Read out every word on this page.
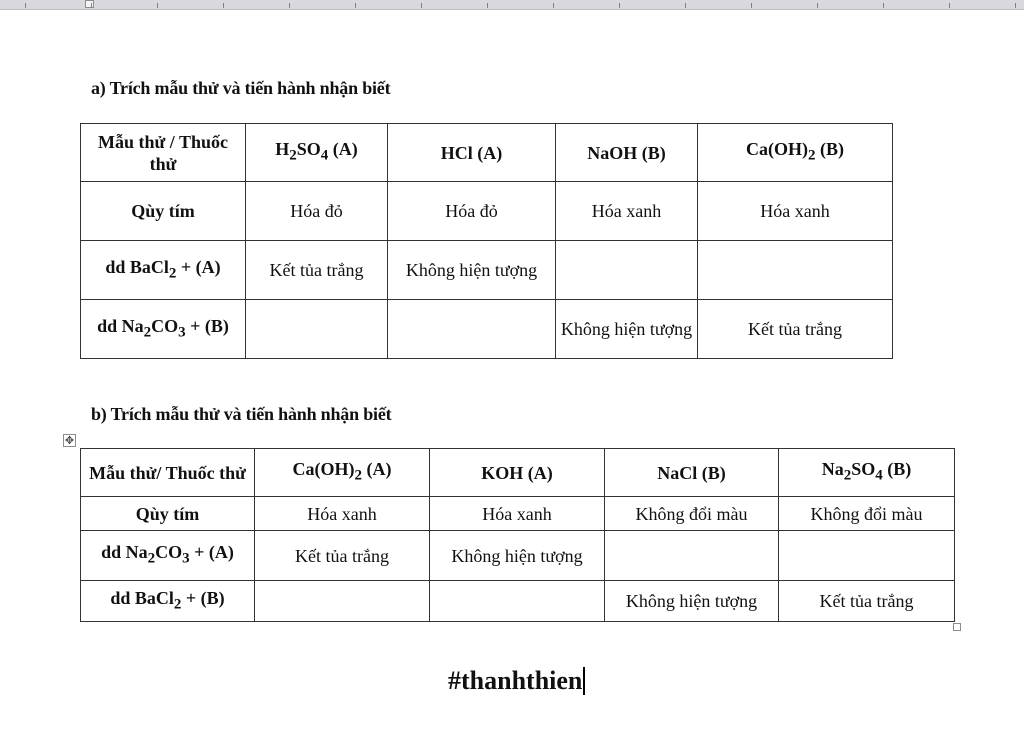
a) Trích mẫu thử và tiến hành nhận biết
Mẫu thử / Thuốc thử	$H_2SO_4$ (A)	HCl (A)	NaOH (B)	$Ca(OH)_2$ (B)
Qùy tím	Hóa đỏ	Hóa đỏ	Hóa xanh	Hóa xanh
dd BaCl$_2$ + (A)	Kết tủa trắng	Không hiện tượng		
dd $Na_2CO_3 + (B)$			Không hiện tượng	Kết tủa trắng
b) Trích mẫu thử và tiến hành nhận biết
✥
Mẫu thử/ Thuốc thử	$Ca(OH)_2$ (A)	KOH (A)	NaCl (B)	$Na_2SO_4$ (B)
Qùy tím	Hóa xanh	Hóa xanh	Không đổi màu	Không đổi màu
dd $Na_2CO_3 + (A)$	Kết tủa trắng	Không hiện tượng		
dd BaCl$_2$ + (B)			Không hiện tượng	Kết tủa trắng
#thanhthien
